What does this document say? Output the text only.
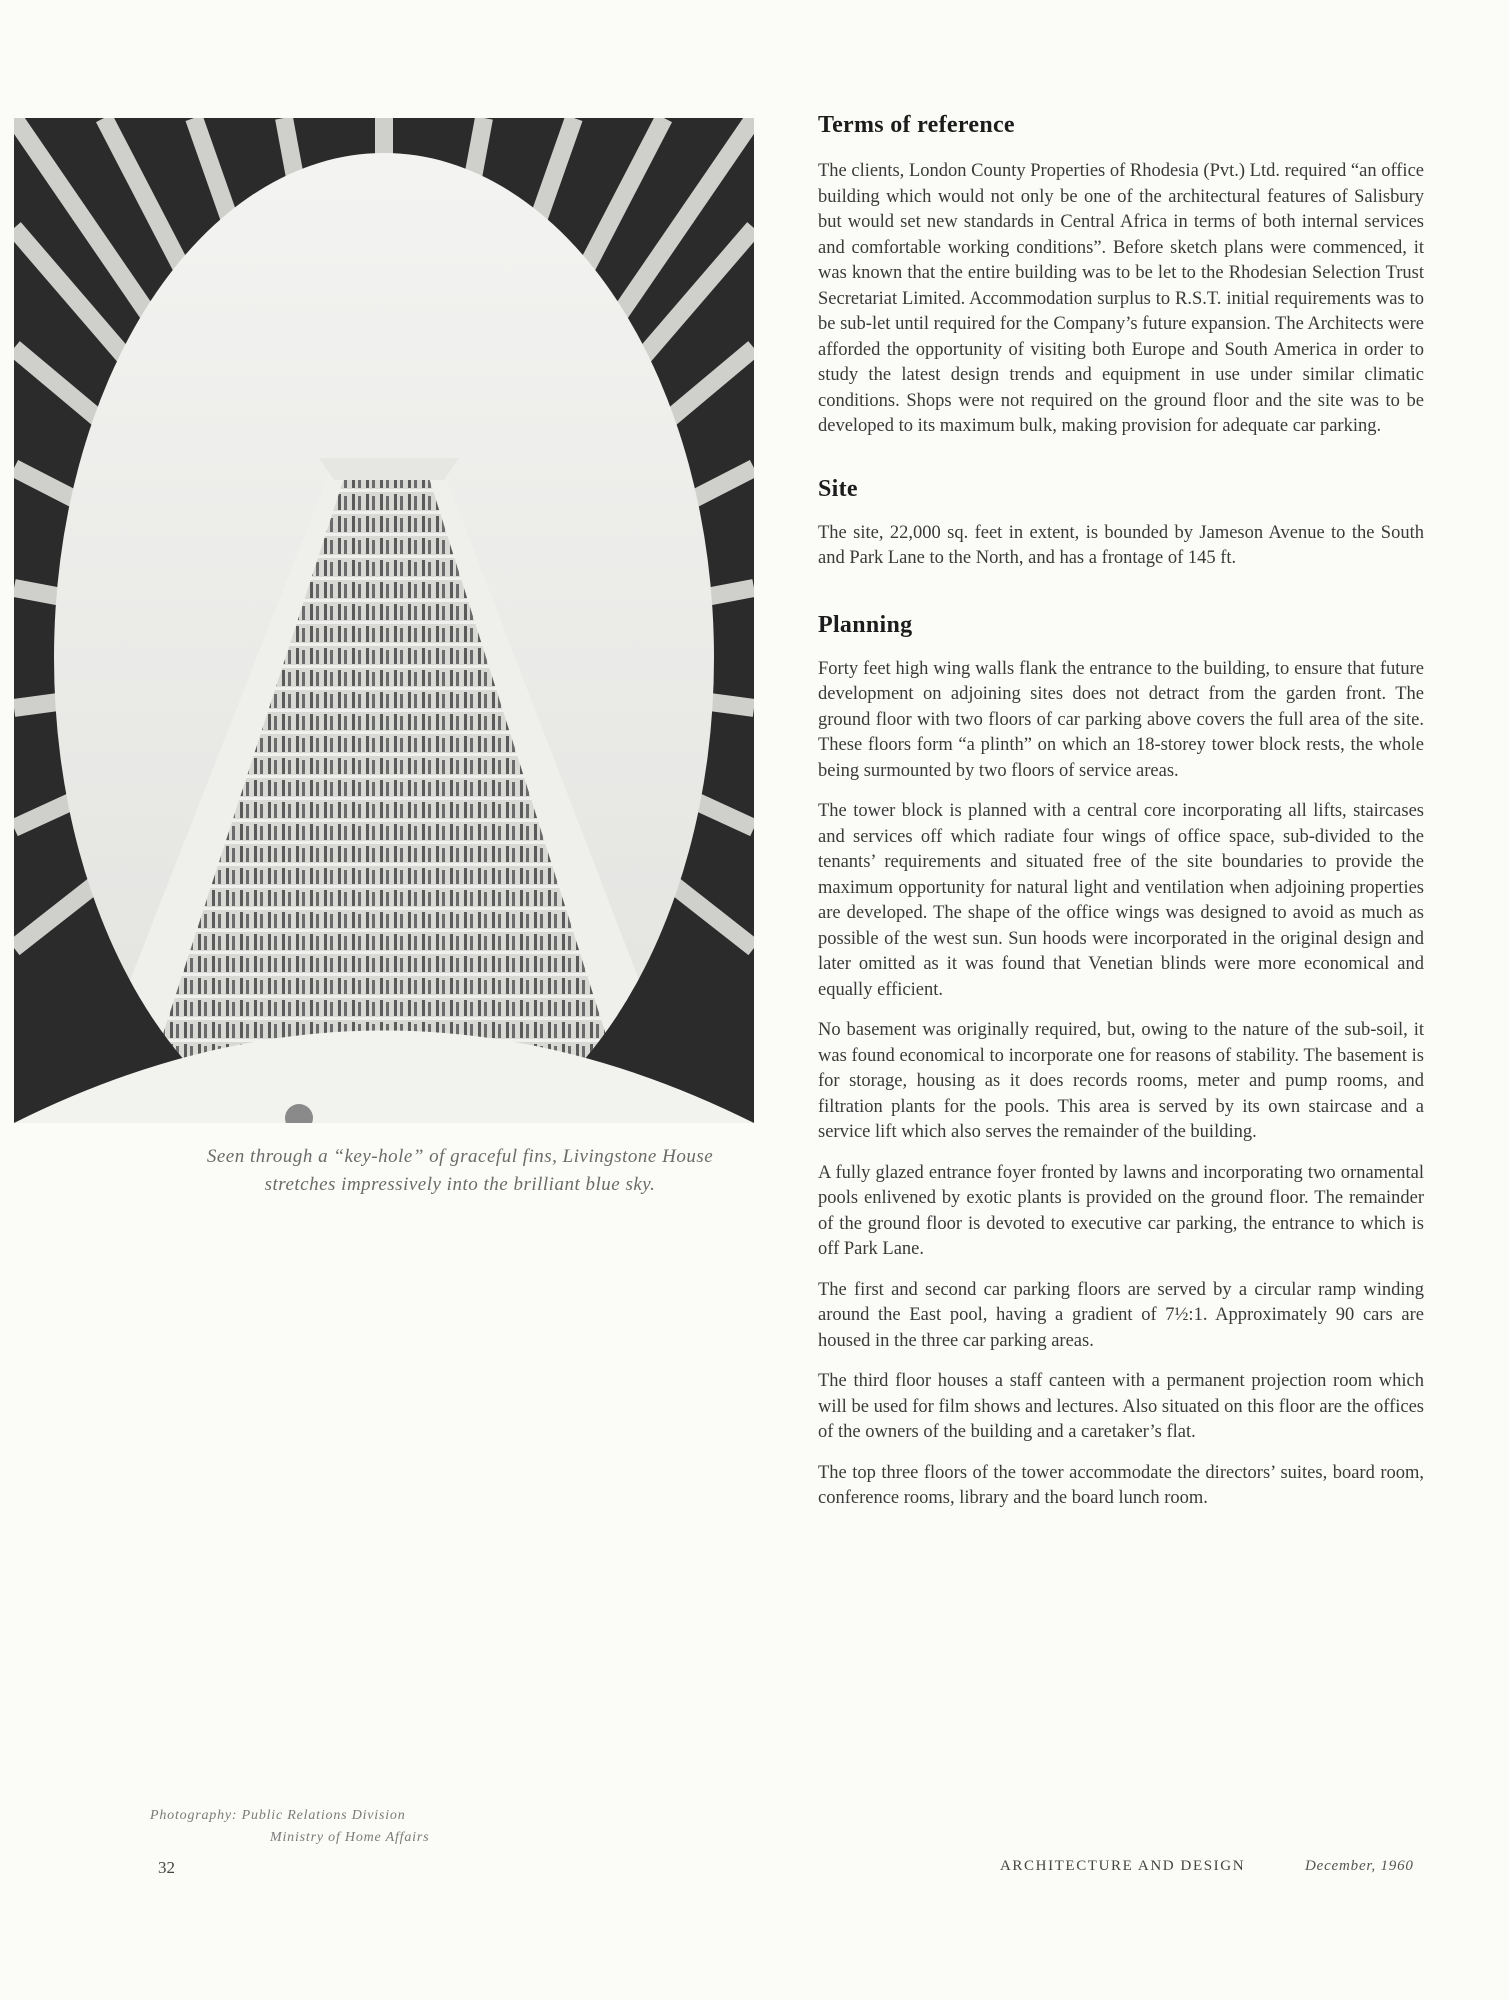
Seen through a “key-hole” of graceful fins, Livingstone House
stretches impressively into the brilliant blue sky.
Photography: Public Relations Division
Ministry of Home Affairs
Terms of reference

The clients, London County Properties of Rhodesia (Pvt.) Ltd. required “an office building which would not only be one of the architectural features of Salisbury but would set new standards in Central Africa in terms of both internal services and comfortable working conditions”. Before sketch plans were commenced, it was known that the entire building was to be let to the Rhodesian Selection Trust Secretariat Limited. Accommodation surplus to R.S.T. initial requirements was to be sub-let until required for the Company’s future expansion. The Architects were afforded the opportunity of visiting both Europe and South America in order to study the latest design trends and equipment in use under similar climatic conditions. Shops were not required on the ground floor and the site was to be developed to its maximum bulk, making provision for adequate car parking.

Site

The site, 22,000 sq. feet in extent, is bounded by Jameson Avenue to the South and Park Lane to the North, and has a frontage of 145 ft.

Planning

Forty feet high wing walls flank the entrance to the building, to ensure that future development on adjoining sites does not detract from the garden front. The ground floor with two floors of car parking above covers the full area of the site. These floors form “a plinth” on which an 18-storey tower block rests, the whole being surmounted by two floors of service areas.

The tower block is planned with a central core incorporating all lifts, staircases and services off which radiate four wings of office space, sub-divided to the tenants’ requirements and situated free of the site boundaries to provide the maximum opportunity for natural light and ventilation when adjoining properties are developed. The shape of the office wings was designed to avoid as much as possible of the west sun. Sun hoods were incorporated in the original design and later omitted as it was found that Venetian blinds were more economical and equally efficient.

No basement was originally required, but, owing to the nature of the sub-soil, it was found economical to incorporate one for reasons of stability. The basement is for storage, housing as it does records rooms, meter and pump rooms, and filtration plants for the pools. This area is served by its own staircase and a service lift which also serves the remainder of the building.

A fully glazed entrance foyer fronted by lawns and incorporating two ornamental pools enlivened by exotic plants is provided on the ground floor. The remainder of the ground floor is devoted to executive car parking, the entrance to which is off Park Lane.

The first and second car parking floors are served by a circular ramp winding around the East pool, having a gradient of 7½:1. Approximately 90 cars are housed in the three car parking areas.

The third floor houses a staff canteen with a permanent projection room which will be used for film shows and lectures. Also situated on this floor are the offices of the owners of the building and a caretaker’s flat.

The top three floors of the tower accommodate the directors’ suites, board room, conference rooms, library and the board lunch room.

32	ARCHITECTURE AND DESIGN	December, 1960
